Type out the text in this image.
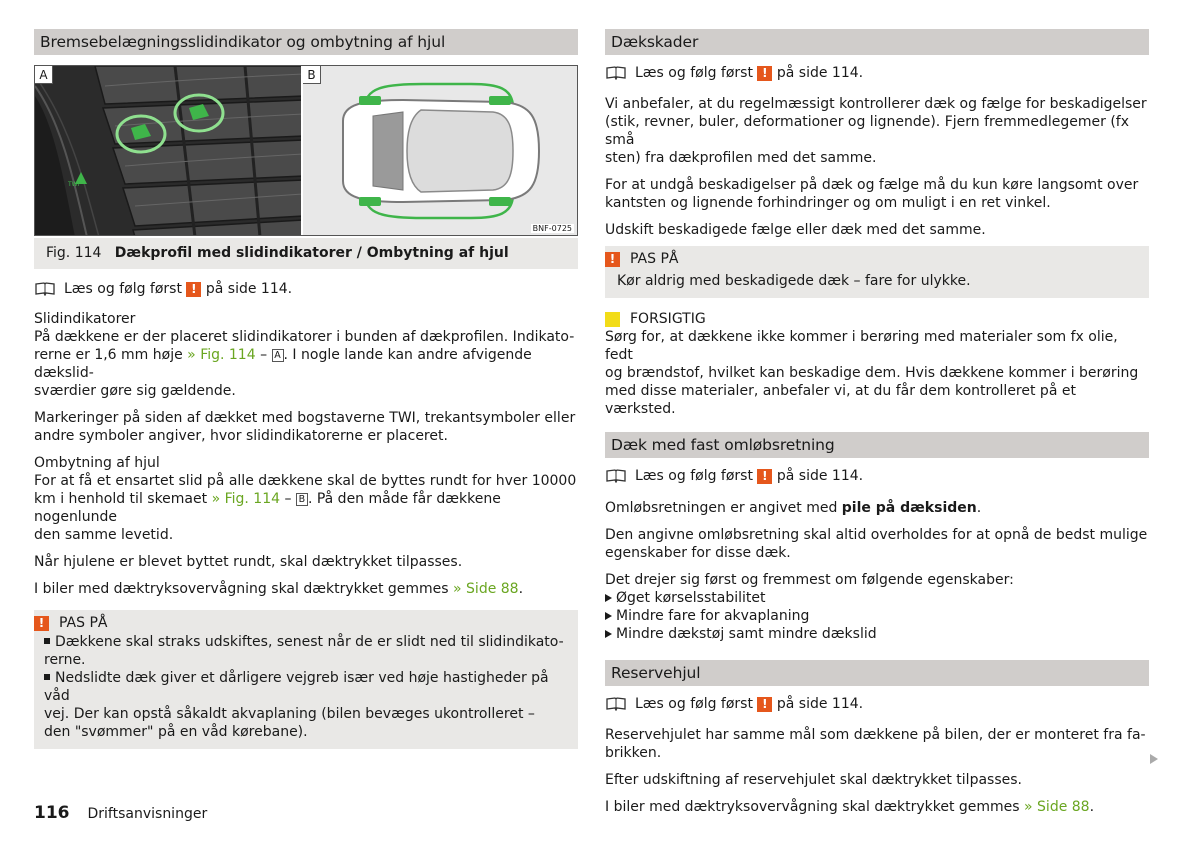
Bremsebelægningsslidindikator og ombytning af hjul
A
TWI
B
BNF-0725
Fig. 114 Dækprofil med slidindikatorer / Ombytning af hjul
Læs og følg først
!
på side 114.
Slidindikatorer

På dækkene er der placeret slidindikatorer i bunden af dækprofilen. Indikato-
rerne er 1,6 mm høje » Fig. 114 – A . I nogle lande kan andre afvigende dækslid-
sværdier gøre sig gældende.

Markeringer på siden af dækket med bogstaverne TWI, trekantsymboler eller
andre symboler angiver, hvor slidindikatorerne er placeret.

Ombytning af hjul

For at få et ensartet slid på alle dækkene skal de byttes rundt for hver 10000
km i henhold til skemaet » Fig. 114 – B . På den måde får dækkene nogenlunde
den samme levetid.

Når hjulene er blevet byttet rundt, skal dæktrykket tilpasses.

I biler med dæktryksovervågning skal dæktrykket gemmes » Side 88.

!	PAS PÅ

Dækkene skal straks udskiftes, senest når de er slidt ned til slidindikato-
rerne.

Nedslidte dæk giver et dårligere vejgreb især ved høje hastigheder på våd
vej. Der kan opstå såkaldt akvaplaning (bilen bevæges ukontrolleret –
den "svømmer" på en våd kørebane).

Dækskader
Læs og følg først
!
på side 114.

Vi anbefaler, at du regelmæssigt kontrollerer dæk og fælge for beskadigelser
(stik, revner, buler, deformationer og lignende). Fjern fremmedlegemer (fx små
sten) fra dækprofilen med det samme.

For at undgå beskadigelser på dæk og fælge må du kun køre langsomt over
kantsten og lignende forhindringer og om muligt i en ret vinkel.

Udskift beskadigede fælge eller dæk med det samme.

!	PAS PÅ

Kør aldrig med beskadigede dæk – fare for ulykke.

FORSIGTIG

Sørg for, at dækkene ikke kommer i berøring med materialer som fx olie, fedt
og brændstof, hvilket kan beskadige dem. Hvis dækkene kommer i berøring
med disse materialer, anbefaler vi, at du får dem kontrolleret på et værksted.

Dæk med fast omløbsretning
Læs og følg først
!
på side 114.

Omløbsretningen er angivet med pile på dæksiden.

Den angivne omløbsretning skal altid overholdes for at opnå de bedst mulige
egenskaber for disse dæk.

Det drejer sig først og fremmest om følgende egenskaber:

Øget kørselsstabilitet
Mindre fare for akvaplaning
Mindre dækstøj samt mindre dækslid
Reservehjul
Læs og følg først
!
på side 114.

Reservehjulet har samme mål som dækkene på bilen, der er monteret fra fa-
brikken.

Efter udskiftning af reservehjulet skal dæktrykket tilpasses.

I biler med dæktryksovervågning skal dæktrykket gemmes » Side 88.

116 Driftsanvisninger
